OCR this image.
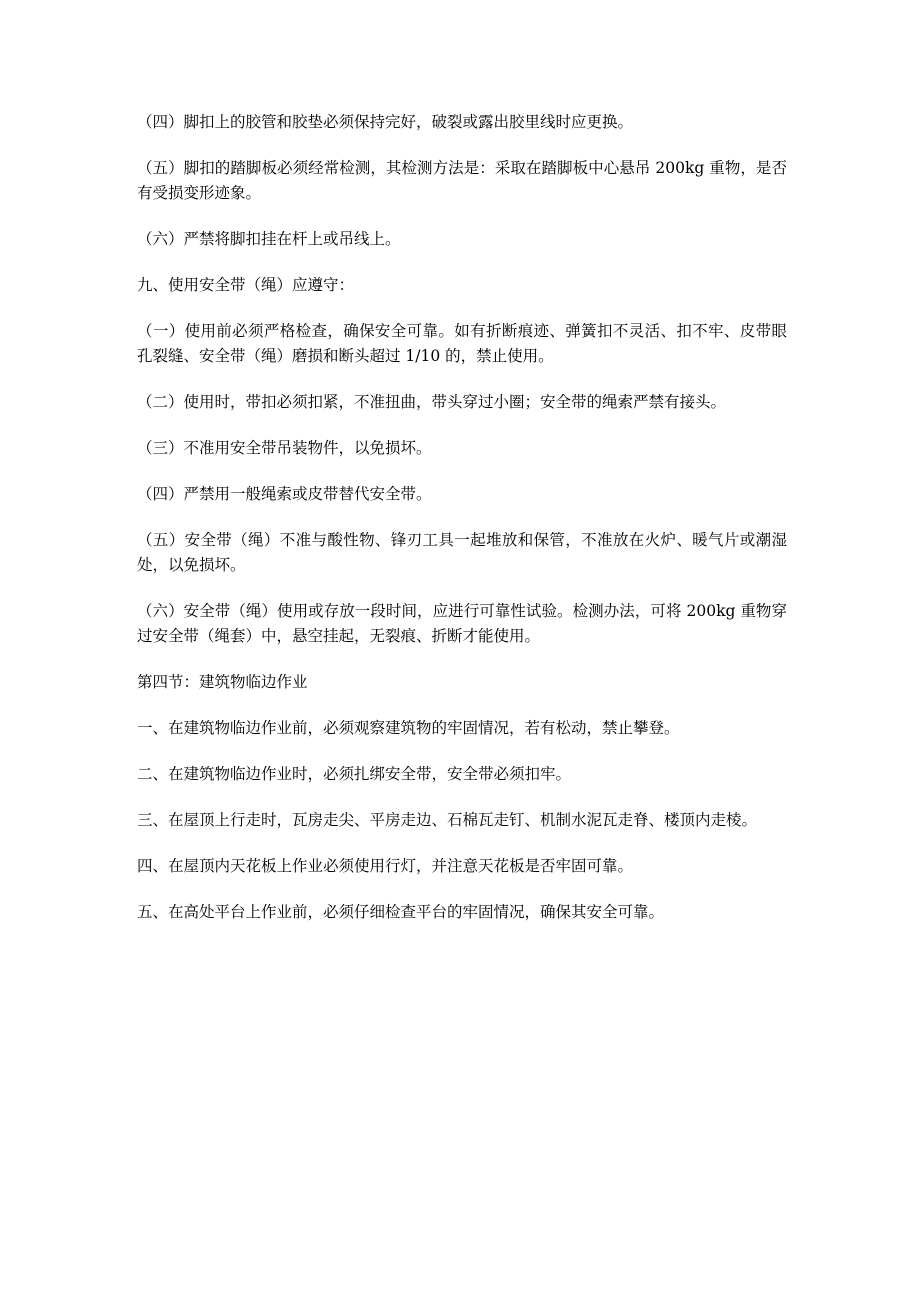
（四）脚扣上的胶管和胶垫必须保持完好，破裂或露出胶里线时应更换。

（五）脚扣的踏脚板必须经常检测，其检测方法是：采取在踏脚板中心悬吊 200kg 重物，是否有受损变形迹象。

（六）严禁将脚扣挂在杆上或吊线上。

九、使用安全带（绳）应遵守：

（一）使用前必须严格检查，确保安全可靠。如有折断痕迹、弹簧扣不灵活、扣不牢、皮带眼孔裂缝、安全带（绳）磨损和断头超过 1/10 的，禁止使用。

（二）使用时，带扣必须扣紧，不准扭曲，带头穿过小圈；安全带的绳索严禁有接头。

（三）不准用安全带吊装物件，以免损坏。

（四）严禁用一般绳索或皮带替代安全带。

（五）安全带（绳）不准与酸性物、锋刃工具一起堆放和保管，不准放在火炉、暖气片或潮湿处，以免损坏。

（六）安全带（绳）使用或存放一段时间，应进行可靠性试验。检测办法，可将 200kg 重物穿过安全带（绳套）中，悬空挂起，无裂痕、折断才能使用。

第四节：建筑物临边作业

一、在建筑物临边作业前，必须观察建筑物的牢固情况，若有松动，禁止攀登。

二、在建筑物临边作业时，必须扎绑安全带，安全带必须扣牢。

三、在屋顶上行走时，瓦房走尖、平房走边、石棉瓦走钉、机制水泥瓦走脊、楼顶内走棱。

四、在屋顶内天花板上作业必须使用行灯，并注意天花板是否牢固可靠。

五、在高处平台上作业前，必须仔细检查平台的牢固情况，确保其安全可靠。
